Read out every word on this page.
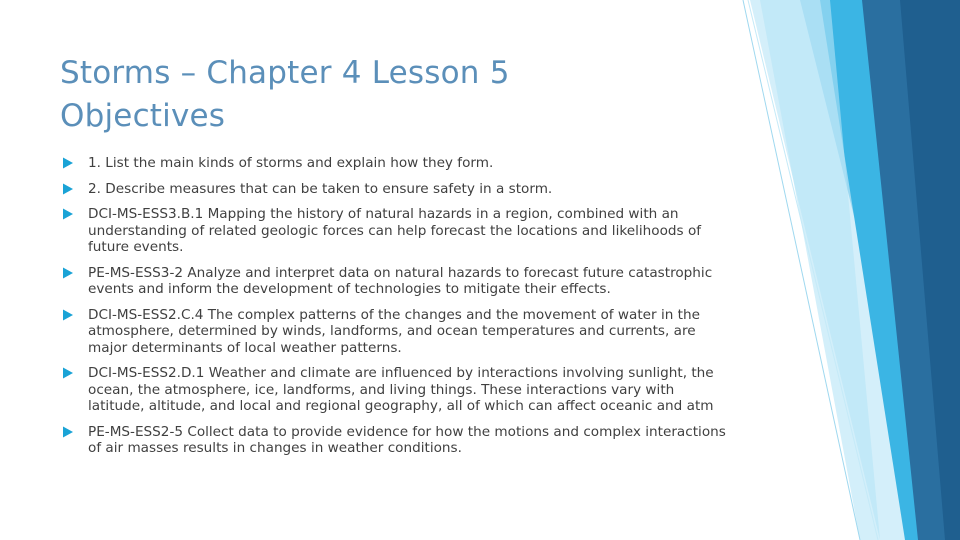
Storms – Chapter 4 Lesson 5
Objectives
1. List the main kinds of storms and explain how they form.
2. Describe measures that can be taken to ensure safety in a storm.
DCI-MS-ESS3.B.1 Mapping the history of natural hazards in a region, combined with an understanding of related geologic forces can help forecast the locations and likelihoods of future events.
PE-MS-ESS3-2 Analyze and interpret data on natural hazards to forecast future catastrophic events and inform the development of technologies to mitigate their effects.
DCI-MS-ESS2.C.4 The complex patterns of the changes and the movement of water in the atmosphere, determined by winds, landforms, and ocean temperatures and currents, are major determinants of local weather patterns.
DCI-MS-ESS2.D.1 Weather and climate are influenced by interactions involving sunlight, the ocean, the atmosphere, ice, landforms, and living things. These interactions vary with latitude, altitude, and local and regional geography, all of which can affect oceanic and atm
PE-MS-ESS2-5 Collect data to provide evidence for how the motions and complex interactions of air masses results in changes in weather conditions.
